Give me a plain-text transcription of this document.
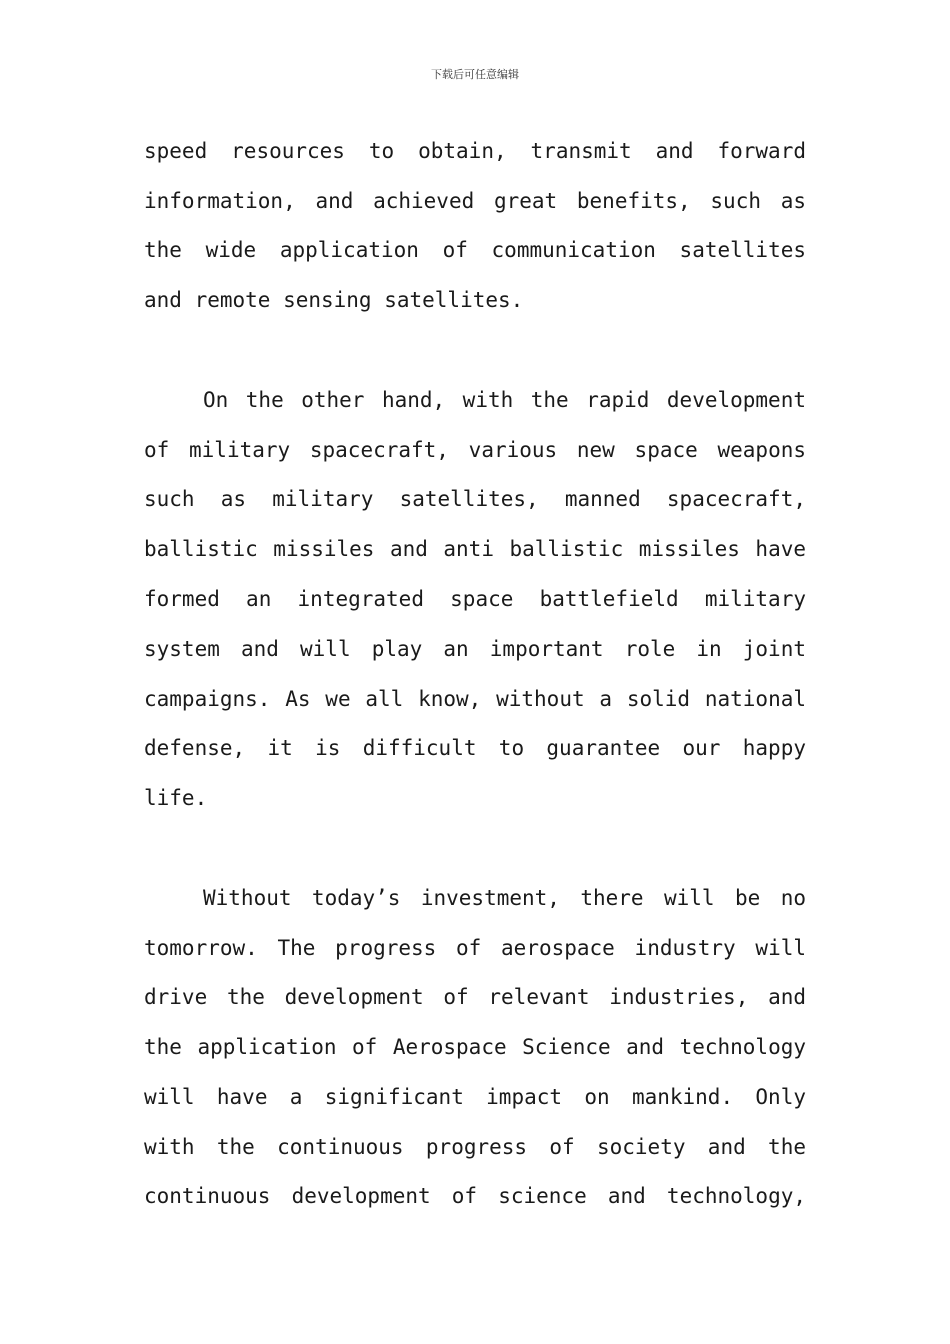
下载后可任意编辑
speed resources to obtain, transmit and forward
information, and achieved great benefits, such as
the wide application of communication satellites
and remote sensing satellites.
On the other hand, with the rapid development
of military spacecraft, various new space weapons
such as military satellites, manned spacecraft,
ballistic missiles and anti ballistic missiles have
formed an integrated space battlefield military
system and will play an important role in joint
campaigns. As we all know, without a solid national
defense, it is difficult to guarantee our happy
life.
Without today’s investment, there will be no
tomorrow. The progress of aerospace industry will
drive the development of relevant industries, and
the application of Aerospace Science and technology
will have a significant impact on mankind. Only
with the continuous progress of society and the
continuous development of science and technology,
